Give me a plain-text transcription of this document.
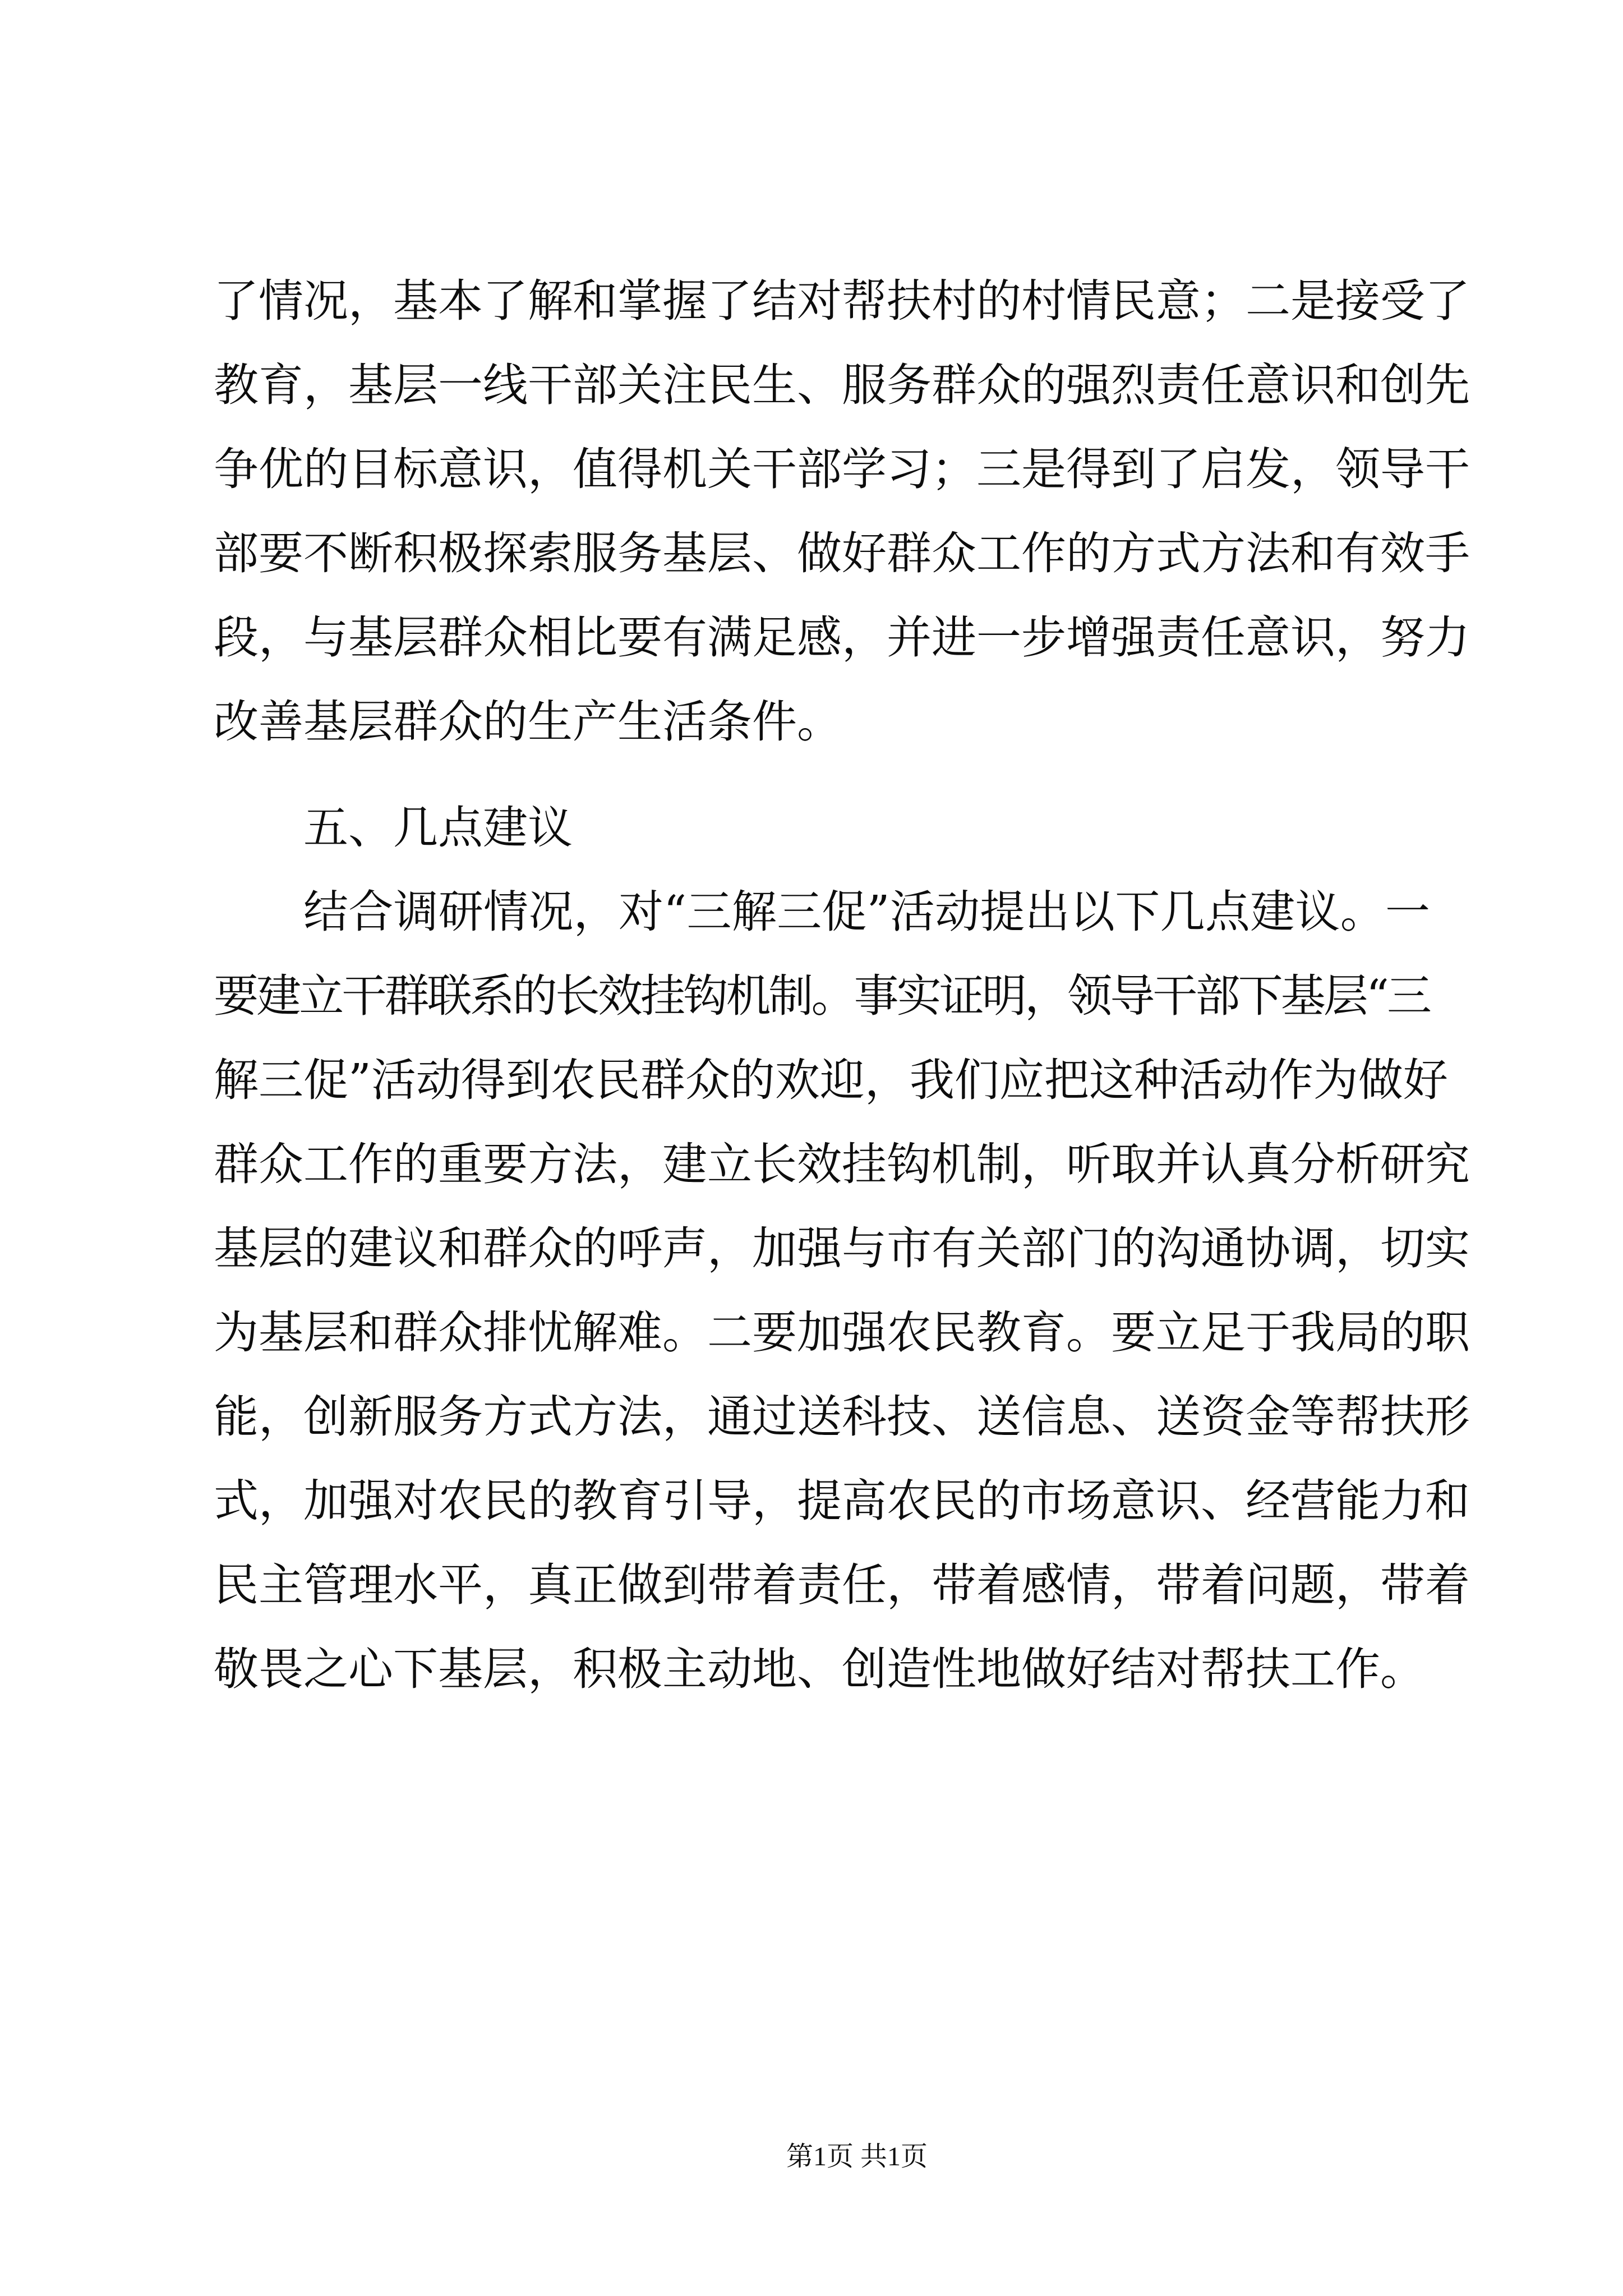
了情况，基本了解和掌握了结对帮扶村的村情民意；二是接受了
教育，基层一线干部关注民生、服务群众的强烈责任意识和创先
争优的目标意识，值得机关干部学习；三是得到了启发，领导干
部要不断积极探索服务基层、做好群众工作的方式方法和有效手
段，与基层群众相比要有满足感，并进一步增强责任意识，努力
改善基层群众的生产生活条件。
五、几点建议
结合调研情况，对“三解三促”活动提出以下几点建议。一
要建立干群联系的长效挂钩机制。事实证明，领导干部下基层“三
解三促”活动得到农民群众的欢迎，我们应把这种活动作为做好
群众工作的重要方法，建立长效挂钩机制，听取并认真分析研究
基层的建议和群众的呼声，加强与市有关部门的沟通协调，切实
为基层和群众排忧解难。二要加强农民教育。要立足于我局的职
能，创新服务方式方法，通过送科技、送信息、送资金等帮扶形
式，加强对农民的教育引导，提高农民的市场意识、经营能力和
民主管理水平，真正做到带着责任，带着感情，带着问题，带着
敬畏之心下基层，积极主动地、创造性地做好结对帮扶工作。
第1页 共1页
